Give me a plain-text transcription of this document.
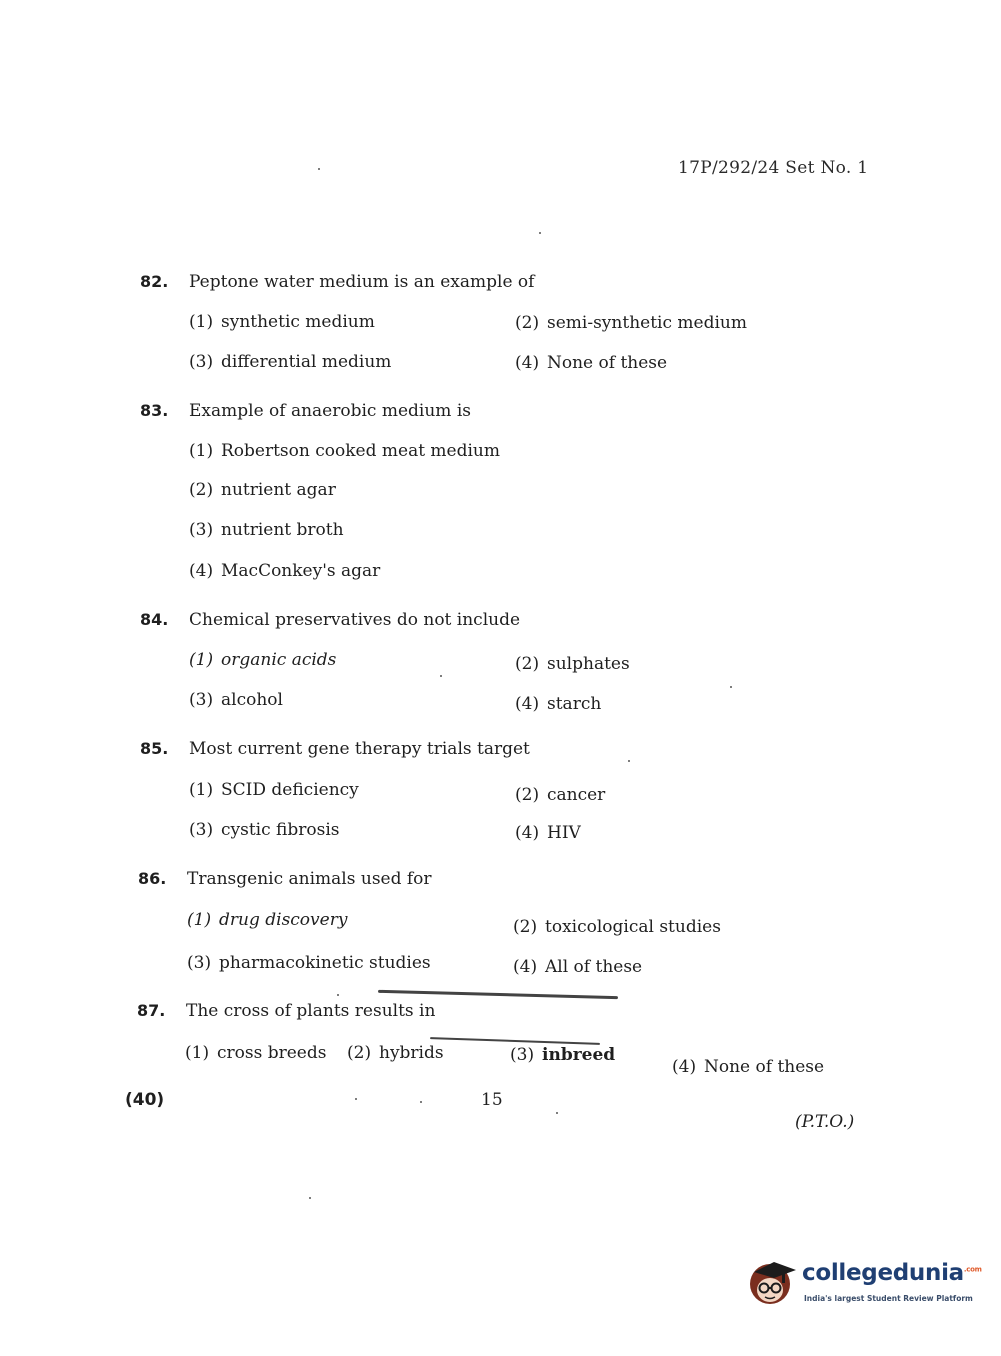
17P/292/24 Set No. 1
82. Peptone water medium is an example of
(1) synthetic medium	(2) semi-synthetic medium
(3) differential medium	(4) None of these
83. Example of anaerobic medium is
(1) Robertson cooked meat medium
(2) nutrient agar
(3) nutrient broth
(4) MacConkey's agar
84. Chemical preservatives do not include
(1) organic acids	(2) sulphates
(3) alcohol	(4) starch
85. Most current gene therapy trials target
(1) SCID deficiency	(2) cancer
(3) cystic fibrosis	(4) HIV
86. Transgenic animals used for
(1) drug discovery	(2) toxicological studies
(3) pharmacokinetic studies	(4) All of these
87. The cross of plants results in
(1) cross breeds (2) hybrids	(3) inbreed
(4) None of these
(40)	15
(P.T.O.)
collegedunia$^{.com}$
India's largest Student Review Platform
